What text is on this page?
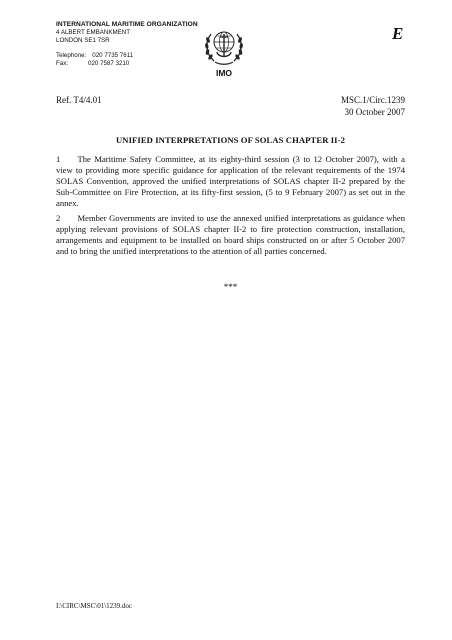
INTERNATIONAL MARITIME ORGANIZATION
4 ALBERT EMBANKMENT
LONDON SE1 7SR
Telephone: 020 7735 7611
Fax:	020 7587 3210
IMO
E
Ref. T4/4.01	MSC.1/Circ.1239
30 October 2007
UNIFIED INTERPRETATIONS OF SOLAS CHAPTER II-2
1  The Maritime Safety Committee, at its eighty-third session (3 to 12 October 2007), with a view to providing more specific guidance for application of the relevant requirements of the 1974 SOLAS Convention, approved the unified interpretations of SOLAS chapter II-2 prepared by the Sub-Committee on Fire Protection, at its fifty-first session, (5 to 9 February 2007) as set out in the annex.
2  Member Governments are invited to use the annexed unified interpretations as guidance when applying relevant provisions of SOLAS chapter II-2 to fire protection construction, installation, arrangements and equipment to be installed on board ships constructed on or after 5 October 2007 and to bring the unified interpretations to the attention of all parties concerned.
***
I:\CIRC\MSC\01\1239.doc
